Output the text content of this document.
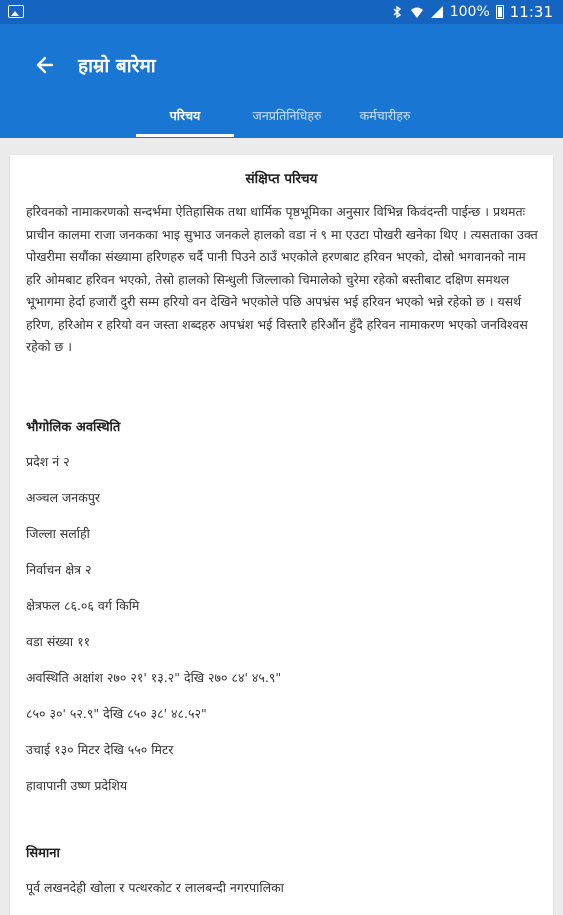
100% 11:31
हाम्रो बारेमा
परिचय	जनप्रतिनिधिहरु	कर्मचारीहरु
संक्षिप्त परिचय
हरिवनको नामाकरणको सन्दर्भमा ऐतिहासिक तथा धार्मिक पृष्ठभूमिका अनुसार विभिन्न किवंदन्ती पाईन्छ । प्रथमतः प्राचीन कालमा राजा जनकका भाइ सुभाउ जनकले हालको वडा नं ९ मा एउटा पोखरी खनेका थिए । त्यसताका उक्त पोखरीमा सयौंका संख्यामा हरिणहरु चर्दै पानी पिउने ठाउँ भएकोले हरणबाट हरिवन भएको, दोस्रो भगवानको नाम हरि ओमबाट हरिवन भएको, तेस्रो हालको सिन्धुली जिल्लाको चिमालेको चुरेमा रहेको बस्तीबाट दक्षिण समथल भूभागमा हेर्दा हजारौं दुरी सम्म हरियो वन देखिने भएकोले पछि अपभ्रंस भई हरिवन भएको भन्ने रहेको छ । यसर्थ हरिण, हरिओम र हरियो वन जस्ता शब्दहरु अपभ्रंश भई विस्तारै हरिऔंन हुँदै हरिवन नामाकरण भएको जनविश्वस रहेको छ ।
भौगोलिक अवस्थिति
प्रदेश नं २
अञ्चल जनकपुर
जिल्ला सर्लाही
निर्वाचन क्षेत्र २
क्षेत्रफल ८६.०६ वर्ग किमि
वडा संख्या ११
अवस्थिति अक्षांश २७० २१' १३.२" देखि २७० ८४' ४५.९"
८५० ३०' ५२.९" देखि ८५० ३८' ४८.५२"
उचाई १३० मिटर देखि ५५० मिटर
हावापानी उष्ण प्रदेशिय
सिमाना
पूर्व लखनदेही खोला र पत्थरकोट र लालबन्दी नगरपालिका
